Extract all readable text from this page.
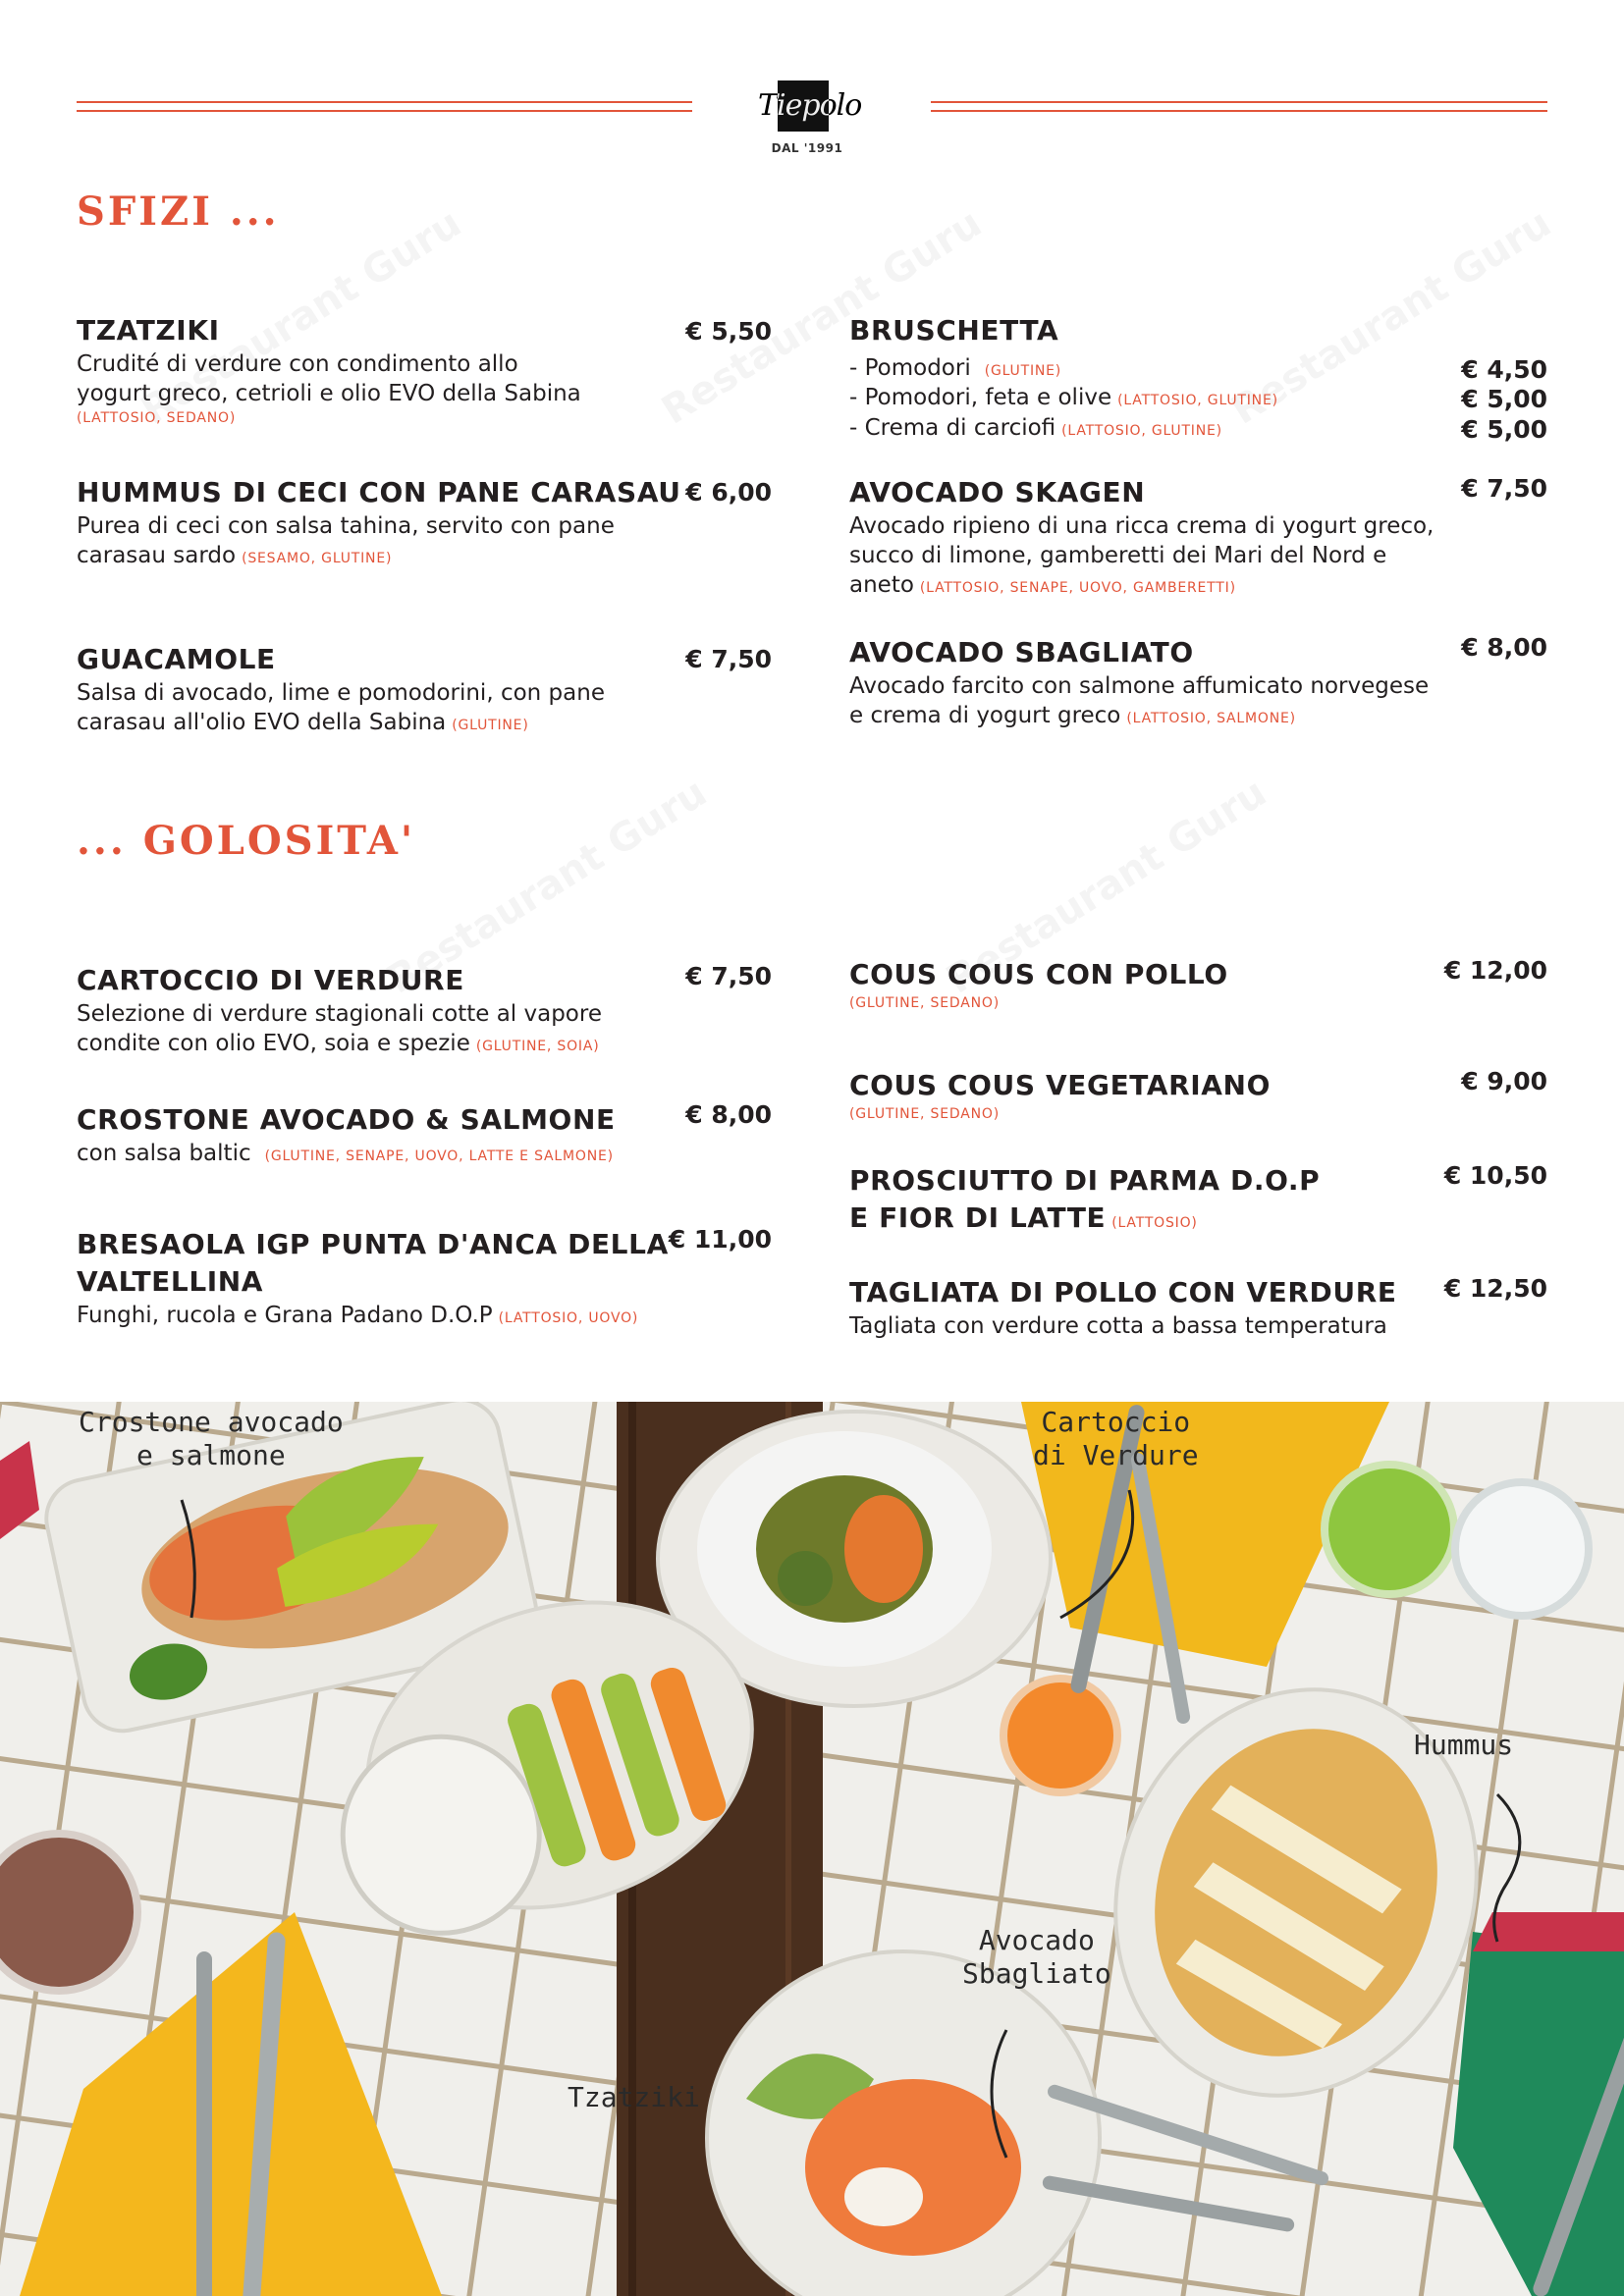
Tiepolo
DAL '1991
SFIZI ...
TZATZIKI
Crudité di verdure con condimento allo
yogurt greco, cetrioli e olio EVO della Sabina
(LATTOSIO, SEDANO)
€ 5,50
HUMMUS DI CECI CON PANE CARASAU
Purea di ceci con salsa tahina, servito con pane
carasau sardo (SESAMO, GLUTINE)
€ 6,00
GUACAMOLE
Salsa di avocado, lime e pomodorini, con pane
carasau all'olio EVO della Sabina (GLUTINE)
€ 7,50
BRUSCHETTA
- Pomodori (GLUTINE)	€ 4,50
- Pomodori, feta e olive (LATTOSIO, GLUTINE)	€ 5,00
- Crema di carciofi (LATTOSIO, GLUTINE)	€ 5,00
AVOCADO SKAGEN
Avocado ripieno di una ricca crema di yogurt greco,
succo di limone, gamberetti dei Mari del Nord e
aneto (LATTOSIO, SENAPE, UOVO, GAMBERETTI)
€ 7,50
AVOCADO SBAGLIATO
Avocado farcito con salmone affumicato norvegese
e crema di yogurt greco (LATTOSIO, SALMONE)
€ 8,00
... GOLOSITA'
CARTOCCIO DI VERDURE
Selezione di verdure stagionali cotte al vapore
condite con olio EVO, soia e spezie (GLUTINE, SOIA)
€ 7,50
CROSTONE AVOCADO & SALMONE
con salsa baltic (GLUTINE, SENAPE, UOVO, LATTE E SALMONE)
€ 8,00
BRESAOLA IGP PUNTA D'ANCA DELLA
VALTELLINA
Funghi, rucola e Grana Padano D.O.P (LATTOSIO, UOVO)
€ 11,00
COUS COUS CON POLLO
(GLUTINE, SEDANO)
€ 12,00
COUS COUS VEGETARIANO
(GLUTINE, SEDANO)
€ 9,00
PROSCIUTTO DI PARMA D.O.P
E FIOR DI LATTE (LATTOSIO)
€ 10,50
TAGLIATA DI POLLO CON VERDURE
Tagliata con verdure cotta a bassa temperatura
€ 12,50
Crostone avocado
e salmone
Cartoccio
di Verdure
Hummus
Avocado
Sbagliato
Tzatziki
